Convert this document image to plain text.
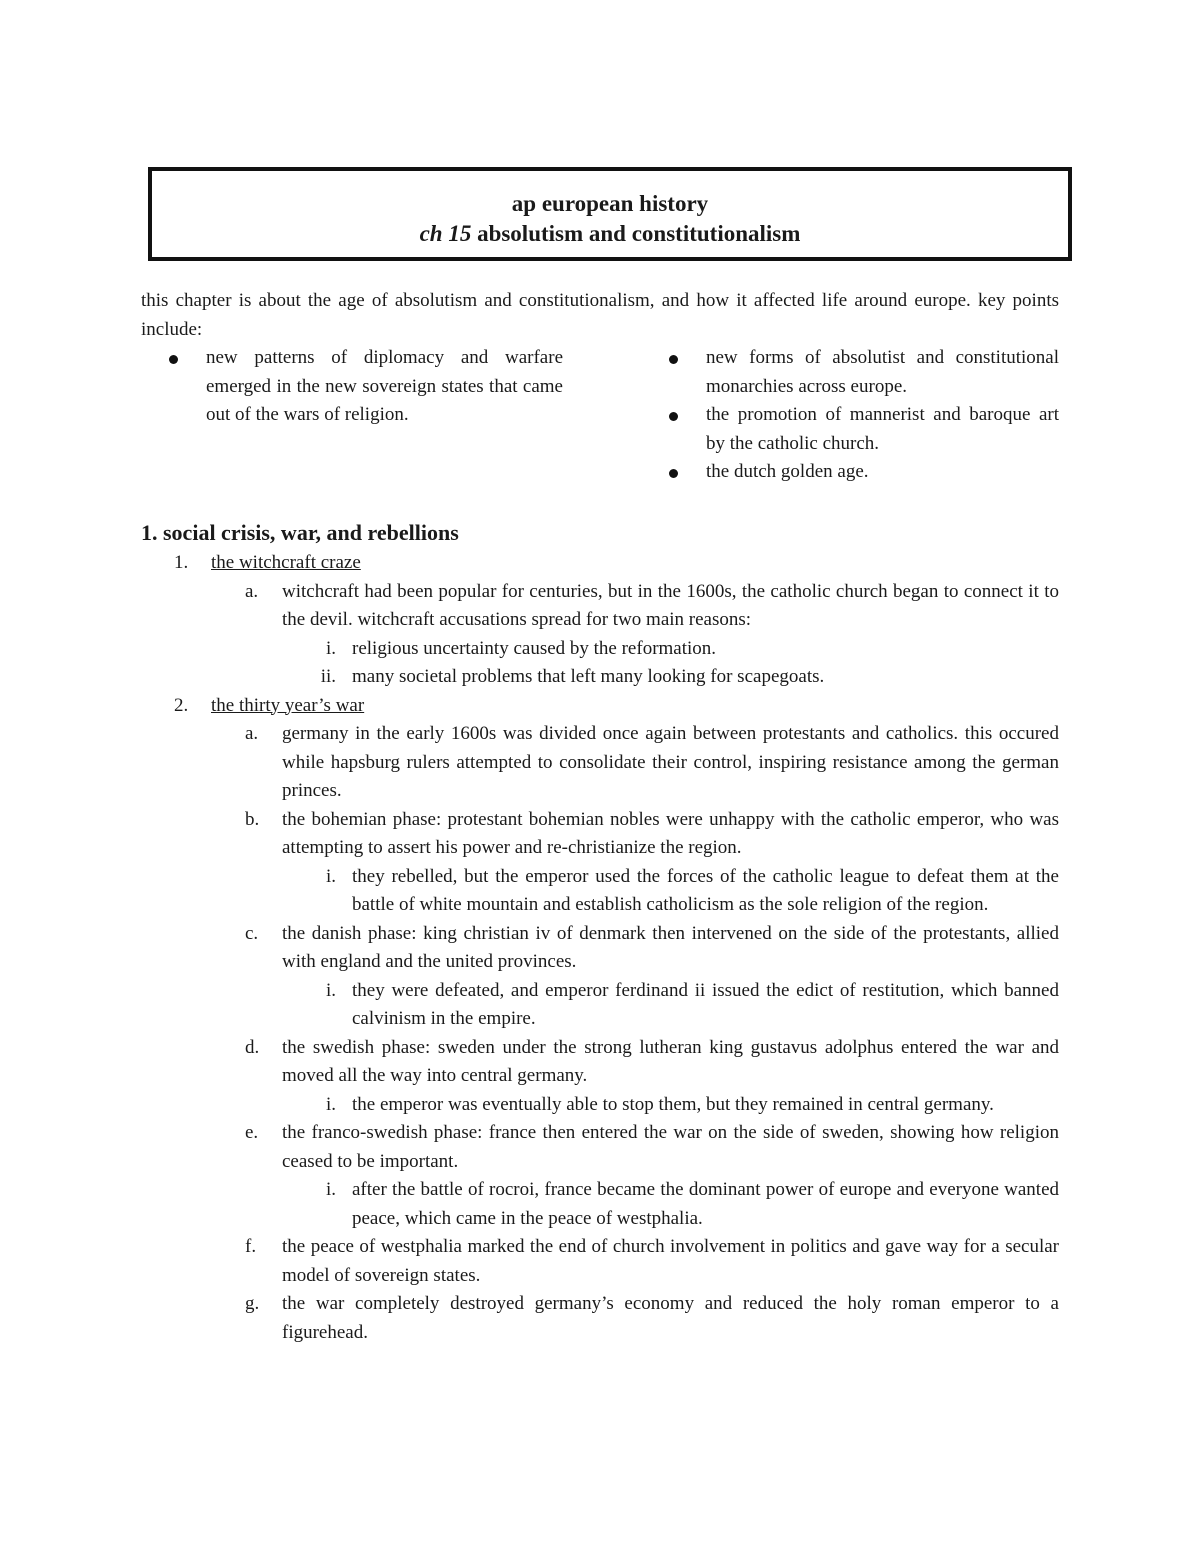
ap european history
ch 15 absolutism and constitutionalism

this chapter is about the age of absolutism and constitutionalism, and how it affected life around europe. key points include:

new patterns of diplomacy and warfare emerged in the new sovereign states that came out of the wars of religion.
new forms of absolutist and constitutional monarchies across europe.
the promotion of mannerist and baroque art by the catholic church.
the dutch golden age.
1. social crisis, war, and rebellions
1. the witchcraft craze
a. witchcraft had been popular for centuries, but in the 1600s, the catholic church began to connect it to the devil. witchcraft accusations spread for two main reasons:
i. religious uncertainty caused by the reformation.
ii. many societal problems that left many looking for scapegoats.
2. the thirty year’s war
a. germany in the early 1600s was divided once again between protestants and catholics. this occured while hapsburg rulers attempted to consolidate their control, inspiring resistance among the german princes.
b. the bohemian phase: protestant bohemian nobles were unhappy with the catholic emperor, who was attempting to assert his power and re-christianize the region.
i. they rebelled, but the emperor used the forces of the catholic league to defeat them at the battle of white mountain and establish catholicism as the sole religion of the region.
c. the danish phase: king christian iv of denmark then intervened on the side of the protestants, allied with england and the united provinces.
i. they were defeated, and emperor ferdinand ii issued the edict of restitution, which banned calvinism in the empire.
d. the swedish phase: sweden under the strong lutheran king gustavus adolphus entered the war and moved all the way into central germany.
i. the emperor was eventually able to stop them, but they remained in central germany.
e. the franco-swedish phase: france then entered the war on the side of sweden, showing how religion ceased to be important.
i. after the battle of rocroi, france became the dominant power of europe and everyone wanted peace, which came in the peace of westphalia.
f. the peace of westphalia marked the end of church involvement in politics and gave way for a secular model of sovereign states.
g. the war completely destroyed germany’s economy and reduced the holy roman emperor to a figurehead.
